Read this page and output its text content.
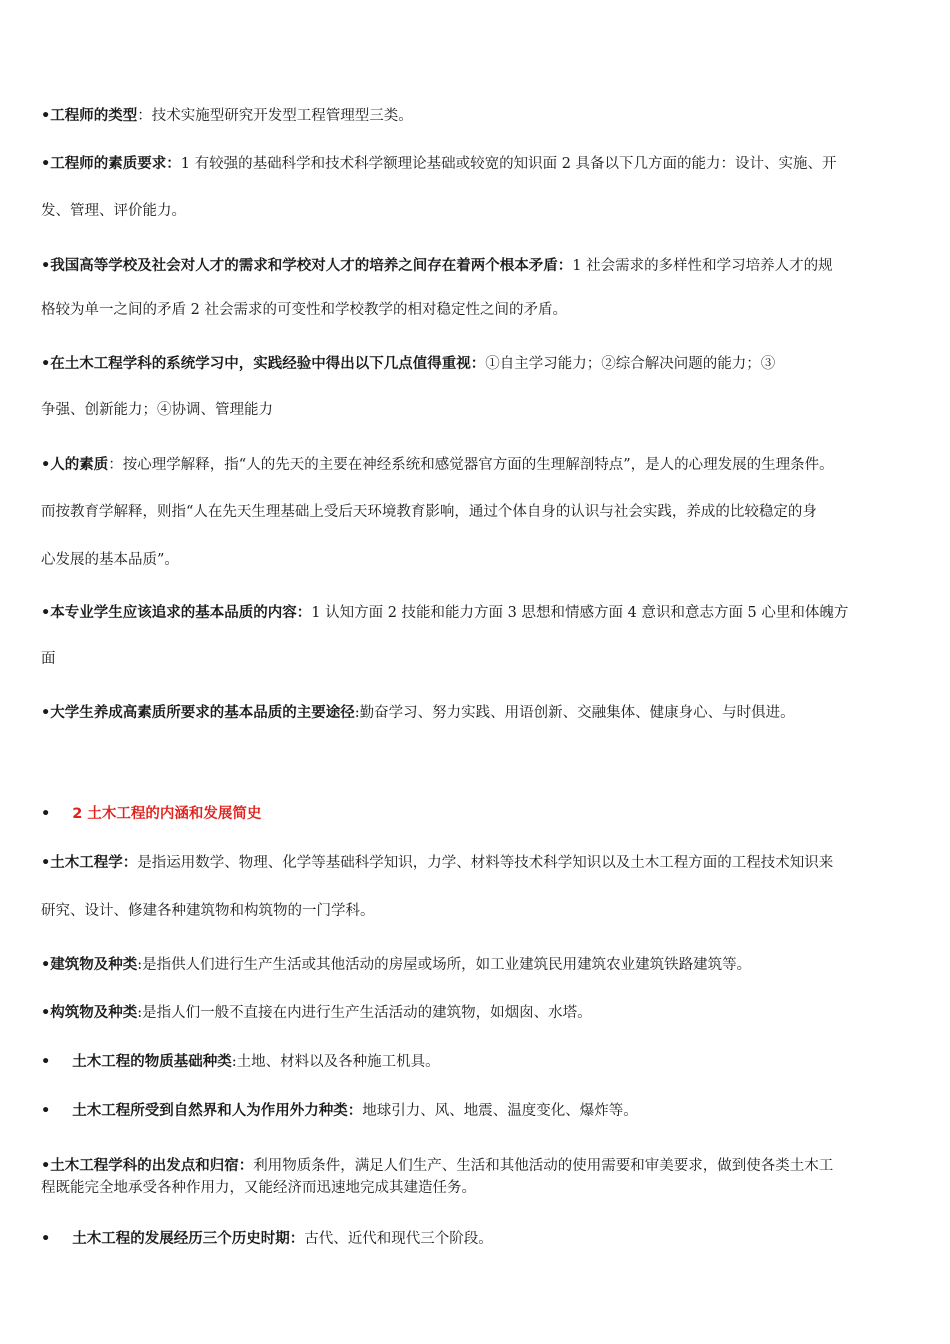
•工程师的类型：技术实施型研究开发型工程管理型三类。
•工程师的素质要求：1 有较强的基础科学和技术科学额理论基础或较宽的知识面 2 具备以下几方面的能力：设计、实施、开
发、管理、评价能力。
•我国高等学校及社会对人才的需求和学校对人才的培养之间存在着两个根本矛盾：1 社会需求的多样性和学习培养人才的规
格较为单一之间的矛盾 2 社会需求的可变性和学校教学的相对稳定性之间的矛盾。
•在土木工程学科的系统学习中，实践经验中得出以下几点值得重视：①自主学习能力；②综合解决问题的能力；③
争强、创新能力；④协调、管理能力
•人的素质：按心理学解释，指“人的先天的主要在神经系统和感觉器官方面的生理解剖特点”，是人的心理发展的生理条件。
而按教育学解释，则指“人在先天生理基础上受后天环境教育影响，通过个体自身的认识与社会实践，养成的比较稳定的身
心发展的基本品质”。
•本专业学生应该追求的基本品质的内容：1 认知方面 2 技能和能力方面 3 思想和情感方面 4 意识和意志方面 5 心里和体魄方
面
•大学生养成高素质所要求的基本品质的主要途径:勤奋学习、努力实践、用语创新、交融集体、健康身心、与时俱进。
• 2 土木工程的内涵和发展简史
•土木工程学：是指运用数学、物理、化学等基础科学知识，力学、材料等技术科学知识以及土木工程方面的工程技术知识来
研究、设计、修建各种建筑物和构筑物的一门学科。
•建筑物及种类:是指供人们进行生产生活或其他活动的房屋或场所，如工业建筑民用建筑农业建筑铁路建筑等。
•构筑物及种类:是指人们一般不直接在内进行生产生活活动的建筑物，如烟囱、水塔。
• 土木工程的物质基础种类:土地、材料以及各种施工机具。
• 土木工程所受到自然界和人为作用外力种类：地球引力、风、地震、温度变化、爆炸等。
•土木工程学科的出发点和归宿：利用物质条件，满足人们生产、生活和其他活动的使用需要和审美要求，做到使各类土木工
程既能完全地承受各种作用力，又能经济而迅速地完成其建造任务。
• 土木工程的发展经历三个历史时期：古代、近代和现代三个阶段。
